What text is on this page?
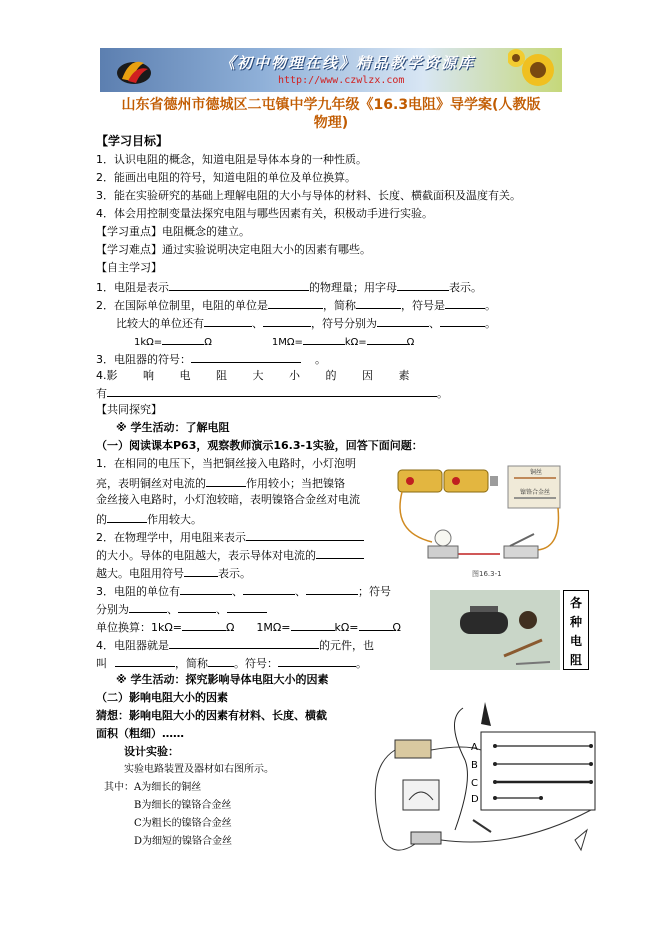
《初中物理在线》精品教学资源库
http://www.czwlzx.com
山东省德州市德城区二屯镇中学九年级《16.3电阻》导学案(人教版
物理)
【学习目标】
1．认识电阻的概念，知道电阻是导体本身的一种性质。
2．能画出电阻的符号，知道电阻的单位及单位换算。
3．能在实验研究的基础上理解电阻的大小与导体的材料、长度、横截面积及温度有关。
4．体会用控制变量法探究电阻与哪些因素有关，积极动手进行实验。
【学习重点】电阻概念的建立。
【学习难点】通过实验说明决定电阻大小的因素有哪些。
【自主学习】
1．电阻是表示	的物理量；用字母	表示。
2．在国际单位制里，电阻的单位是	，简称	，符号是	。
比较大的单位还有	、	，符号分别为	、	。
1kΩ=	Ω	1MΩ=	kΩ=	Ω
3．电阻器的符号：	。
4.影 响 电 阻 大 小 的 因 素
有	。
【共同探究】
※ 学生活动：了解电阻
（一）阅读课本P63，观察教师演示16.3-1实验，回答下面问题：
1．在相同的电压下，当把铜丝接入电路时，小灯泡明
亮，表明铜丝对电流的	作用较小；当把镍铬
金丝接入电路时，小灯泡较暗，表明镍铬合金丝对电流
的	作用较大。
2．在物理学中，用电阻来表示
的大小。导体的电阻越大，表示导体对电流的
越大。电阻用符号	表示。
3．电阻的单位有	、	、	；符号
分别为	、	、
单位换算：1kΩ=	Ω 1MΩ=	kΩ=	Ω
4．电阻器就是	的元件，也
叫	，简称 。符号：	。
※ 学生活动：探究影响导体电阻大小的因素
（二）影响电阻大小的因素
猜想：影响电阻大小的因素有材料、长度、横截
面积（粗细）……
设计实验：
实验电路装置及器材如右图所示。
其中：A为细长的铜丝
B为细长的镍铬合金丝
C为粗长的镍铬合金丝
D为细短的镍铬合金丝
铜丝
镍铬合金丝
图16.3-1
各
种
电
阻
A
B
C
D
